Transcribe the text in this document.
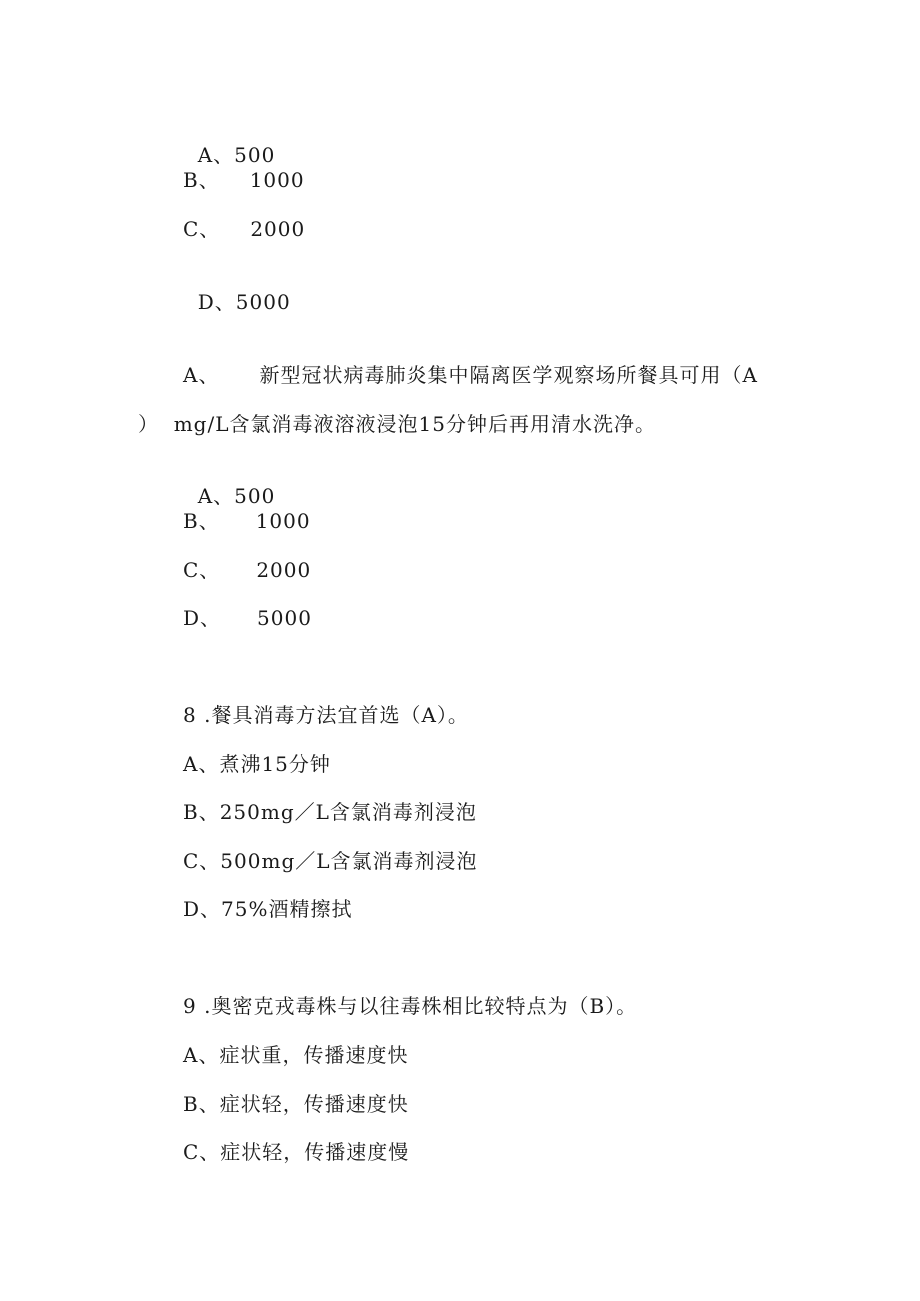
A、500

B、 1000
C、 2000

D、5000

A、 新型冠状病毒肺炎集中隔离医学观察场所餐具可用（A
）  mg/L含氯消毒液溶液浸泡15分钟后再用清水洗净。

A、500

B、 1000
C、 2000
D、 5000
8 .餐具消毒方法宜首选（A）。
A、煮沸15分钟
B、250mg／L含氯消毒剂浸泡
C、500mg／L含氯消毒剂浸泡
D、75%酒精擦拭
9 .奥密克戎毒株与以往毒株相比较特点为（B）。
A、症状重，传播速度快
B、症状轻，传播速度快
C、症状轻，传播速度慢
